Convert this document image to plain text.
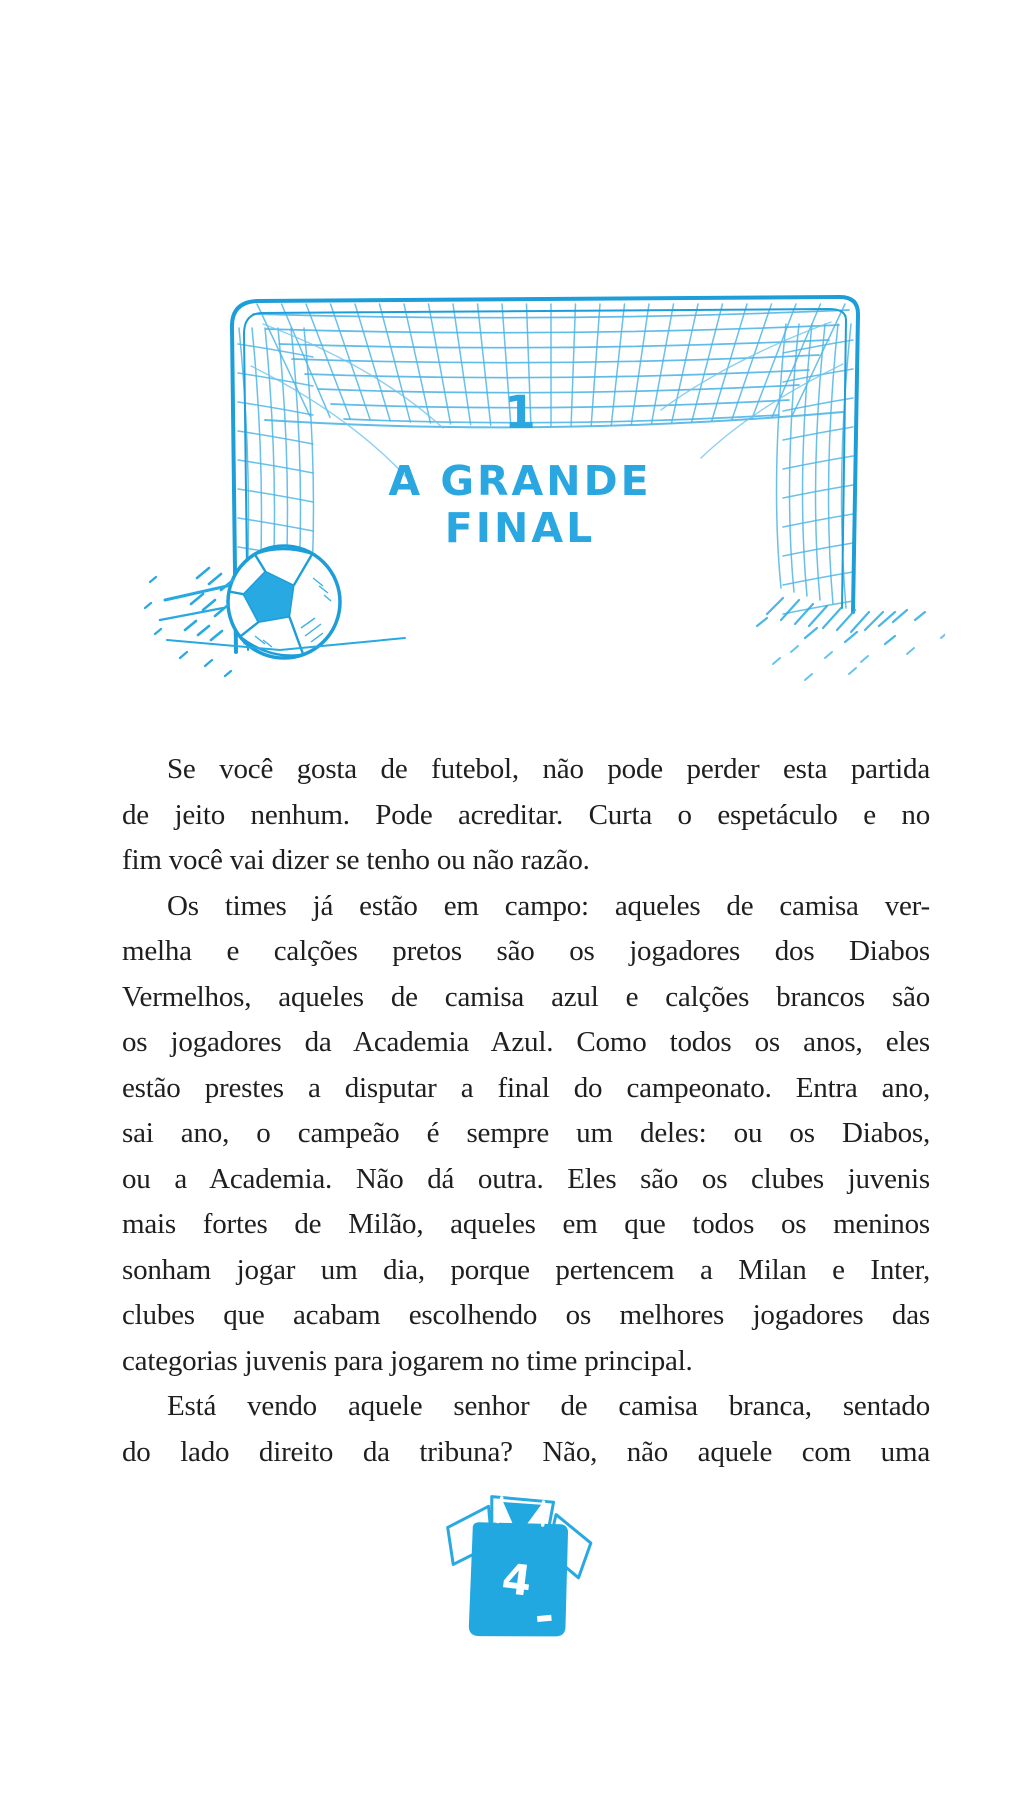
1
A GRANDE
FINAL
Se você gosta de futebol, não pode perder esta partida
de jeito nenhum. Pode acreditar. Curta o espetáculo e no
fim você vai dizer se tenho ou não razão.
Os times já estão em campo: aqueles de camisa ver-
melha e calções pretos são os jogadores dos Diabos
Vermelhos, aqueles de camisa azul e calções brancos são
os jogadores da Academia Azul. Como todos os anos, eles
estão prestes a disputar a final do campeonato. Entra ano,
sai ano, o campeão é sempre um deles: ou os Diabos,
ou a Academia. Não dá outra. Eles são os clubes juvenis
mais fortes de Milão, aqueles em que todos os meninos
sonham jogar um dia, porque pertencem a Milan e Inter,
clubes que acabam escolhendo os melhores jogadores das
categorias juvenis para jogarem no time principal.
Está vendo aquele senhor de camisa branca, sentado
do lado direito da tribuna? Não, não aquele com uma
4
